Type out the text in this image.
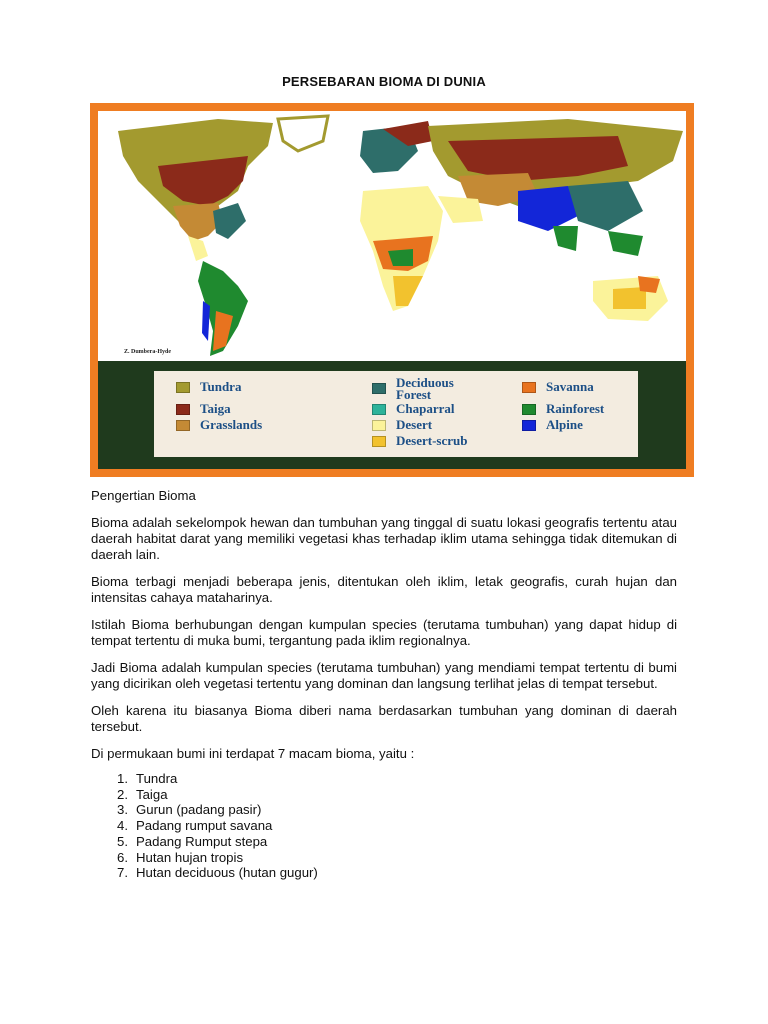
PERSEBARAN BIOMA DI DUNIA
Z. Dumbera-Hyde
Tundra
Taiga
Grasslands
Deciduous Forest
Chaparral
Desert
Desert-scrub
Savanna
Rainforest
Alpine

Pengertian Bioma

Bioma adalah sekelompok hewan dan tumbuhan yang tinggal di suatu lokasi geografis tertentu atau daerah habitat darat yang memiliki vegetasi khas terhadap iklim utama sehingga tidak ditemukan di daerah lain.

Bioma terbagi menjadi beberapa jenis, ditentukan oleh iklim, letak geografis, curah hujan dan intensitas cahaya mataharinya.

Istilah Bioma berhubungan dengan kumpulan species (terutama tumbuhan) yang dapat hidup di tempat tertentu di muka bumi, tergantung pada iklim regionalnya.

Jadi Bioma adalah kumpulan species (terutama tumbuhan) yang mendiami tempat tertentu di bumi yang dicirikan oleh vegetasi tertentu yang dominan dan langsung terlihat jelas di tempat tersebut.

Oleh karena itu biasanya Bioma diberi nama berdasarkan tumbuhan yang dominan di daerah tersebut.

Di permukaan bumi ini terdapat 7 macam bioma, yaitu :

1. Tundra
2. Taiga
3. Gurun (padang pasir)
4. Padang rumput savana
5. Padang Rumput stepa
6. Hutan hujan tropis
7. Hutan deciduous (hutan gugur)
